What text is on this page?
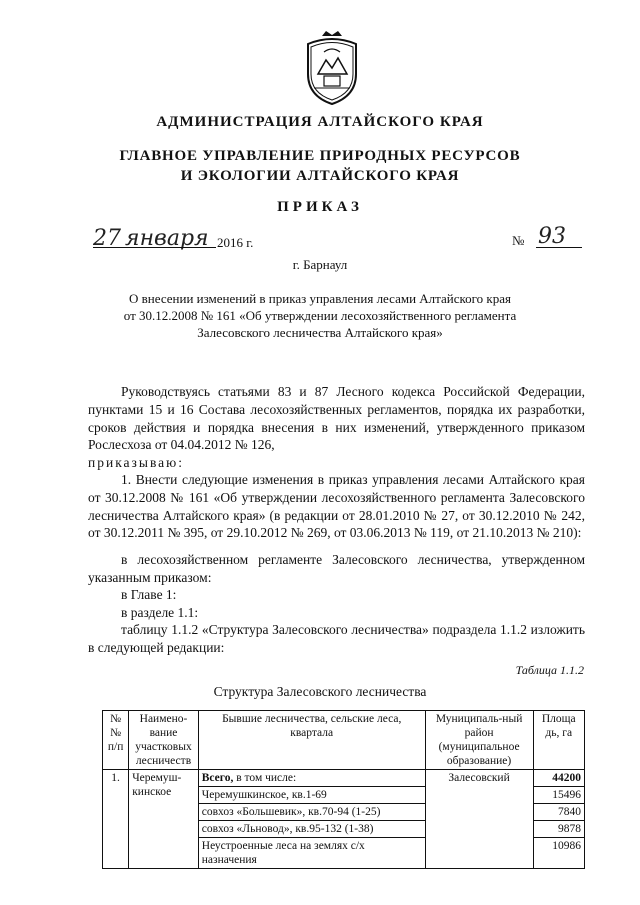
АДМИНИСТРАЦИЯ АЛТАЙСКОГО КРАЯ
ГЛАВНОЕ УПРАВЛЕНИЕ ПРИРОДНЫХ РЕСУРСОВ
И ЭКОЛОГИИ АЛТАЙСКОГО КРАЯ
ПРИКАЗ
27 января 2016 г.	№ 93
г. Барнаул
О внесении изменений в приказ управления лесами Алтайского края
от 30.12.2008 № 161 «Об утверждении лесохозяйственного регламента
Залесовского лесничества Алтайского края»
Руководствуясь статьями 83 и 87 Лесного кодекса Российской Федерации, пунктами 15 и 16 Состава лесохозяйственных регламентов, порядка их разработки, сроков действия и порядка внесения в них изменений, утвержденного приказом Рослесхоза от 04.04.2012 № 126,
приказываю:
1. Внести следующие изменения в приказ управления лесами Алтайского края от 30.12.2008 № 161 «Об утверждении лесохозяйственного регламента Залесовского лесничества Алтайского края» (в редакции от 28.01.2010 № 27, от 30.12.2010 № 242, от 30.12.2011 № 395, от 29.10.2012 № 269, от 03.06.2013 № 119, от 21.10.2013 № 210):
в лесохозяйственном регламенте Залесовского лесничества, утвержденном указанным приказом:
в Главе 1:
в разделе 1.1:
таблицу 1.1.2 «Структура Залесовского лесничества» подраздела 1.1.2 изложить в следующей редакции:
Таблица 1.1.2
Структура Залесовского лесничества
№ № п/п	Наимено-вание участковых лесничеств	Бывшие лесничества, сельские леса, квартала	Муниципаль-ный район (муниципальное образование)	Площа дь, га
1.	Черемуш-кинское	Всего, в том числе:	Залесовский	44200
		Черемушкинское, кв.1-69		15496
		совхоз «Большевик», кв.70-94 (1-25)		7840
		совхоз «Льновод», кв.95-132 (1-38)		9878
		Неустроенные леса на землях с/х назначения		10986
